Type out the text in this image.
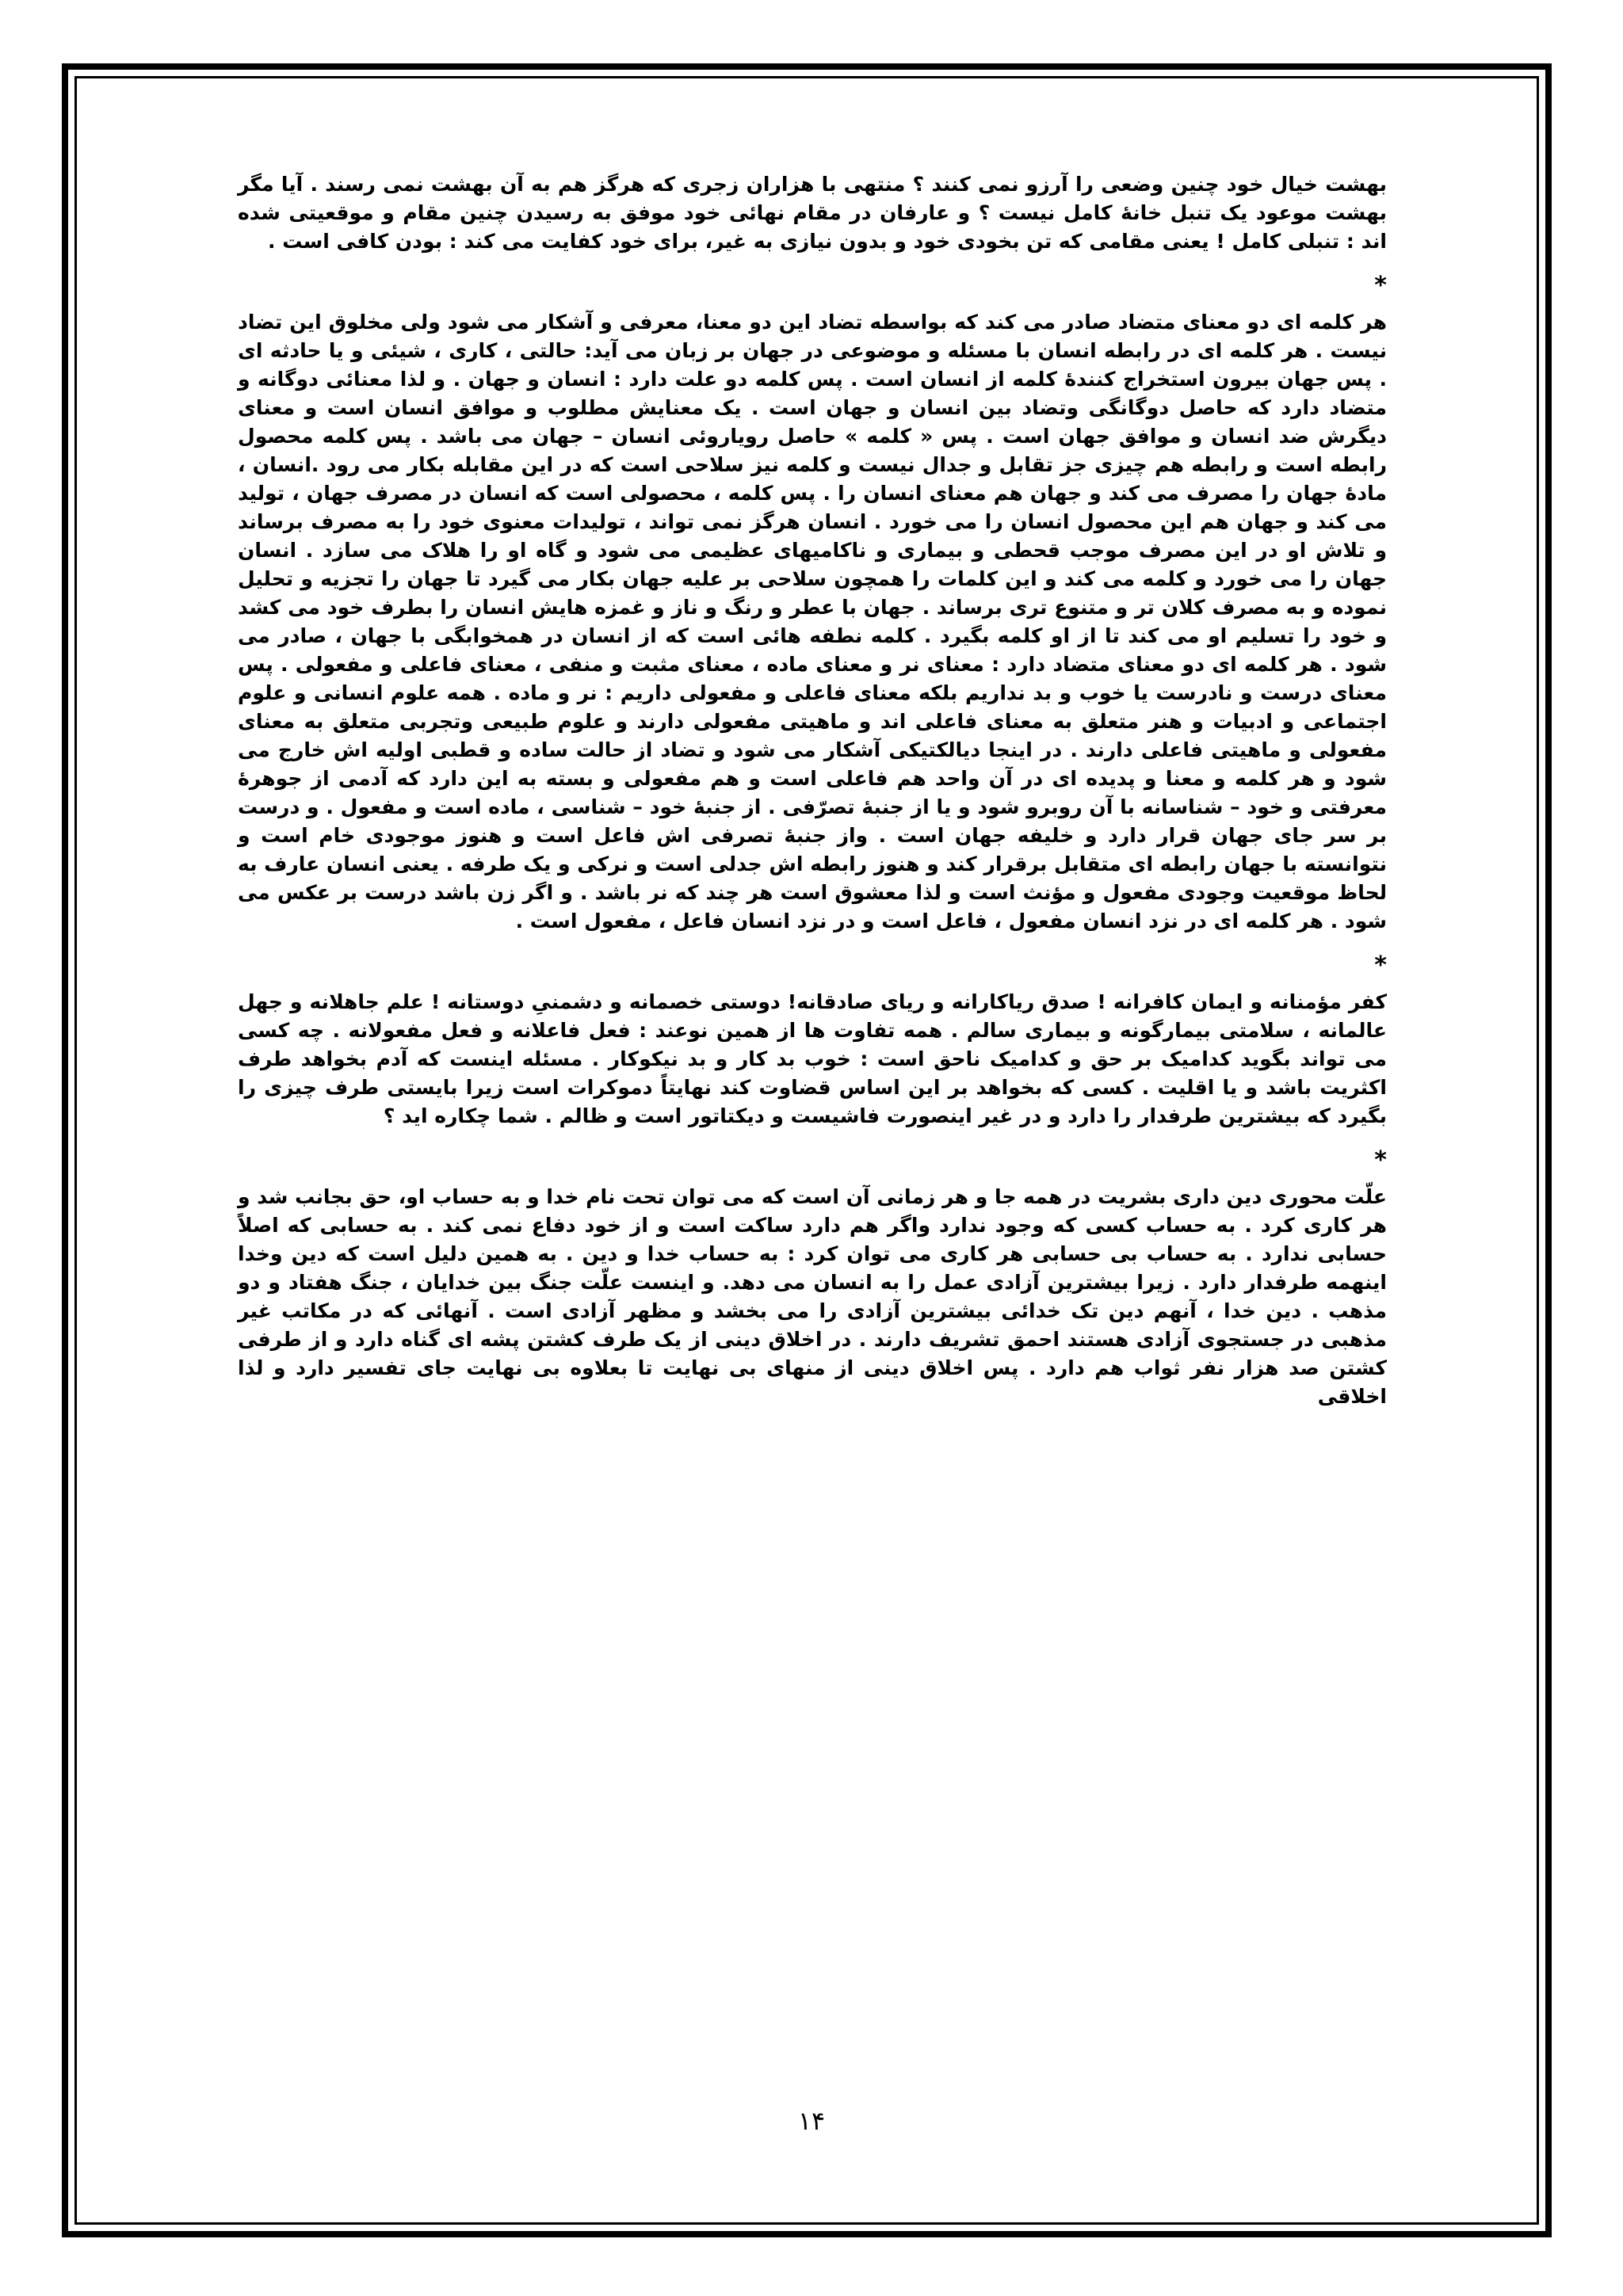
بهشت خیال خود چنین وضعی را آرزو نمی کنند ؟ منتهی با هزاران زجری که هرگز هم به آن بهشت نمی رسند . آیا مگر بهشت موعود یک تنبل خانهٔ کامل نیست ؟ و عارفان در مقام نهائی خود موفق به رسیدن چنین مقام و موقعیتی شده اند : تنبلی کامل ! یعنی مقامی که تن بخودی خود و بدون نیازی به غیر، برای خود کفایت می کند : بودن کافی است .

*

هر کلمه ای دو معنای متضاد صادر می کند که بواسطه تضاد این دو معنا، معرفی و آشکار می شود ولی مخلوق این تضاد نیست . هر کلمه ای در رابطه انسان با مسئله و موضوعی در جهان بر زبان می آید: حالتی ، کاری ، شیئی و یا حادثه ای . پس جهان بیرون استخراج کنندهٔ کلمه از انسان است . پس کلمه دو علت دارد : انسان و جهان . و لذا معنائی دوگانه و متضاد دارد که حاصل دوگانگی وتضاد بین انسان و جهان است . یک معنایش مطلوب و موافق انسان است و معنای دیگرش ضد انسان و موافق جهان است . پس « کلمه » حاصل رویاروئی انسان – جهان می باشد . پس کلمه محصول رابطه است و رابطه هم چیزی جز تقابل و جدال نیست و کلمه نیز سلاحی است که در این مقابله بکار می رود .انسان ، مادهٔ جهان را مصرف می کند و جهان هم معنای انسان را . پس کلمه ، محصولی است که انسان در مصرف جهان ، تولید می کند و جهان هم این محصول انسان را می خورد . انسان هرگز نمی تواند ، تولیدات معنوی خود را به مصرف برساند و تلاش او در این مصرف موجب قحطی و بیماری و ناکامیهای عظیمی می شود و گاه او را هلاک می سازد . انسان جهان را می خورد و کلمه می کند و این کلمات را همچون سلاحی بر علیه جهان بکار می گیرد تا جهان را تجزیه و تحلیل نموده و به مصرف کلان تر و متنوع تری برساند . جهان با عطر و رنگ و ناز و غمزه هایش انسان را بطرف خود می کشد و خود را تسلیم او می کند تا از او کلمه بگیرد . کلمه نطفه هائی است که از انسان در همخوابگی با جهان ، صادر می شود . هر کلمه ای دو معنای متضاد دارد : معنای نر و معنای ماده ، معنای مثبت و منفی ، معنای فاعلی و مفعولی . پس معنای درست و نادرست یا خوب و بد نداریم بلکه معنای فاعلی و مفعولی داریم : نر و ماده . همه علوم انسانی و علوم اجتماعی و ادبیات و هنر متعلق به معنای فاعلی اند و ماهیتی مفعولی دارند و علوم طبیعی وتجربی متعلق به معنای مفعولی و ماهیتی فاعلی دارند . در اینجا دیالکتیکی آشکار می شود و تضاد از حالت ساده و قطبی اولیه اش خارج می شود و هر کلمه و معنا و پدیده ای در آن واحد هم فاعلی است و هم مفعولی و بسته به این دارد که آدمی از جوهرهٔ معرفتی و خود – شناسانه با آن روبرو شود و یا از جنبهٔ تصرّفی . از جنبهٔ خود – شناسی ، ماده است و مفعول . و درست بر سر جای جهان قرار دارد و خلیفه جهان است . واز جنبهٔ تصرفی اش فاعل است و هنوز موجودی خام است و نتوانسته با جهان رابطه ای متقابل برقرار کند و هنوز رابطه اش جدلی است و نرکی و یک طرفه . یعنی انسان عارف به لحاظ موقعیت وجودی مفعول و مؤنث است و لذا معشوق است هر چند که نر باشد . و اگر زن باشد درست بر عکس می شود . هر کلمه ای در نزد انسان مفعول ، فاعل است و در نزد انسان فاعل ، مفعول است .

*

کفر مؤمنانه و ایمان کافرانه ! صدق ریاکارانه و ریای صادقانه! دوستی خصمانه و دشمنیِ دوستانه ! علم جاهلانه و جهل عالمانه ، سلامتی بیمارگونه و بیماری سالم . همه تفاوت ها از همین نوعند : فعل فاعلانه و فعل مفعولانه . چه کسی می تواند بگوید کدامیک بر حق و کدامیک ناحق است : خوب بد کار و بد نیکوکار . مسئله اینست که آدم بخواهد طرف اکثریت باشد و یا اقلیت . کسی که بخواهد بر این اساس قضاوت کند نهایتاً دموکرات است زیرا بایستی طرف چیزی را بگیرد که بیشترین طرفدار را دارد و در غیر اینصورت فاشیست و دیکتاتور است و ظالم . شما چکاره اید ؟

*

علّت محوری دین داری بشریت در همه جا و هر زمانی آن است که می توان تحت نام خدا و به حساب او، حق بجانب شد و هر کاری کرد . به حساب کسی که وجود ندارد واگر هم دارد ساکت است و از خود دفاع نمی کند . به حسابی که اصلاً حسابی ندارد . به حساب بی حسابی هر کاری می توان کرد : به حساب خدا و دین . به همین دلیل است که دین وخدا اینهمه طرفدار دارد . زیرا بیشترین آزادی عمل را به انسان می دهد. و اینست علّت جنگ بین خدایان ، جنگ هفتاد و دو مذهب . دین خدا ، آنهم دین تک خدائی بیشترین آزادی را می بخشد و مظهر آزادی است . آنهائی که در مکاتب غیر مذهبی در جستجوی آزادی هستند احمق تشریف دارند . در اخلاق دینی از یک طرف کشتن پشه ای گناه دارد و از طرفی کشتن صد هزار نفر ثواب هم دارد . پس اخلاق دینی از منهای بی نهایت تا بعلاوه بی نهایت جای تفسیر دارد و لذا اخلاقی

۱۴
